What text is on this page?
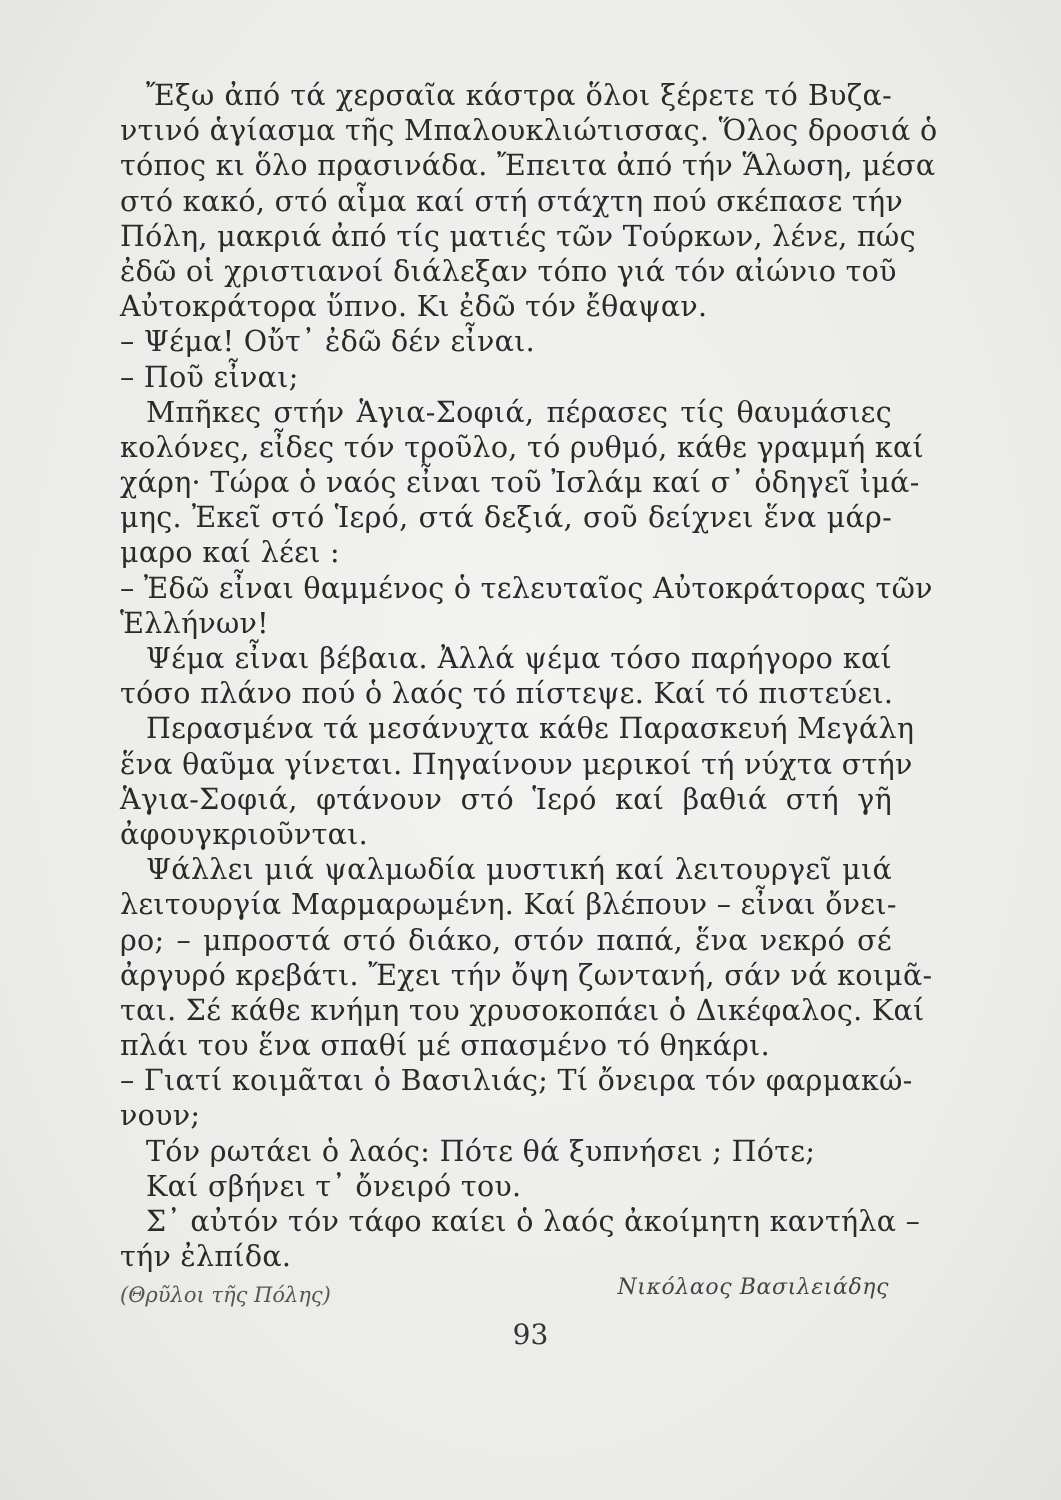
Ἔξω ἀπό τά χερσαῖα κάστρα ὅλοι ξέρετε τό Βυζα-
ντινό ἁγίασμα τῆς Μπαλουκλιώτισσας. Ὅλος δροσιά ὁ
τόπος κι ὅλο πρασινάδα. Ἔπειτα ἀπό τήν Ἅλωση, μέσα
στό κακό, στό αἷμα καί στή στάχτη πού σκέπασε τήν
Πόλη, μακριά ἀπό τίς ματιές τῶν Τούρκων, λένε, πώς
ἐδῶ οἱ χριστιανοί διάλεξαν τόπο γιά τόν αἰώνιο τοῦ
Αὐτοκράτορα ὕπνο. Κι ἐδῶ τόν ἔθαψαν.
– Ψέμα! Οὔτ᾿ ἐδῶ δέν εἶναι.
– Ποῦ εἶναι;
Μπῆκες στήν Ἁγια-Σοφιά, πέρασες τίς θαυμάσιες
κολόνες, εἶδες τόν τροῦλο, τό ρυθμό, κάθε γραμμή καί
χάρη· Τώρα ὁ ναός εἶναι τοῦ Ἰσλάμ καί σ᾿ ὁδηγεῖ ἰμά-
μης. Ἐκεῖ στό Ἱερό, στά δεξιά, σοῦ δείχνει ἕνα μάρ-
μαρο καί λέει :
– Ἐδῶ εἶναι θαμμένος ὁ τελευταῖος Αὐτοκράτορας τῶν
Ἑλλήνων!
Ψέμα εἶναι βέβαια. Ἀλλά ψέμα τόσο παρήγορο καί
τόσο πλάνο πού ὁ λαός τό πίστεψε. Καί τό πιστεύει.
Περασμένα τά μεσάνυχτα κάθε Παρασκευή Μεγάλη
ἕνα θαῦμα γίνεται. Πηγαίνουν μερικοί τή νύχτα στήν
Ἁγια-Σοφιά, φτάνουν στό Ἱερό καί βαθιά στή γῆ
ἀφουγκριοῦνται.
Ψάλλει μιά ψαλμωδία μυστική καί λειτουργεῖ μιά
λειτουργία Μαρμαρωμένη. Καί βλέπουν – εἶναι ὄνει-
ρο; – μπροστά στό διάκο, στόν παπά, ἕνα νεκρό σέ
ἀργυρό κρεβάτι. Ἔχει τήν ὄψη ζωντανή, σάν νά κοιμᾶ-
ται. Σέ κάθε κνήμη του χρυσοκοπάει ὁ Δικέφαλος. Καί
πλάι του ἕνα σπαθί μέ σπασμένο τό θηκάρι.
– Γιατί κοιμᾶται ὁ Βασιλιάς; Τί ὄνειρα τόν φαρμακώ-
νουν;
Τόν ρωτάει ὁ λαός: Πότε θά ξυπνήσει ; Πότε;
Καί σβήνει τ᾿ ὄνειρό του.
Σ᾿ αὐτόν τόν τάφο καίει ὁ λαός ἀκοίμητη καντήλα –
τήν ἐλπίδα.
(Θρῦλοι τῆς Πόλης)	Νικόλαος Βασιλειάδης
93
